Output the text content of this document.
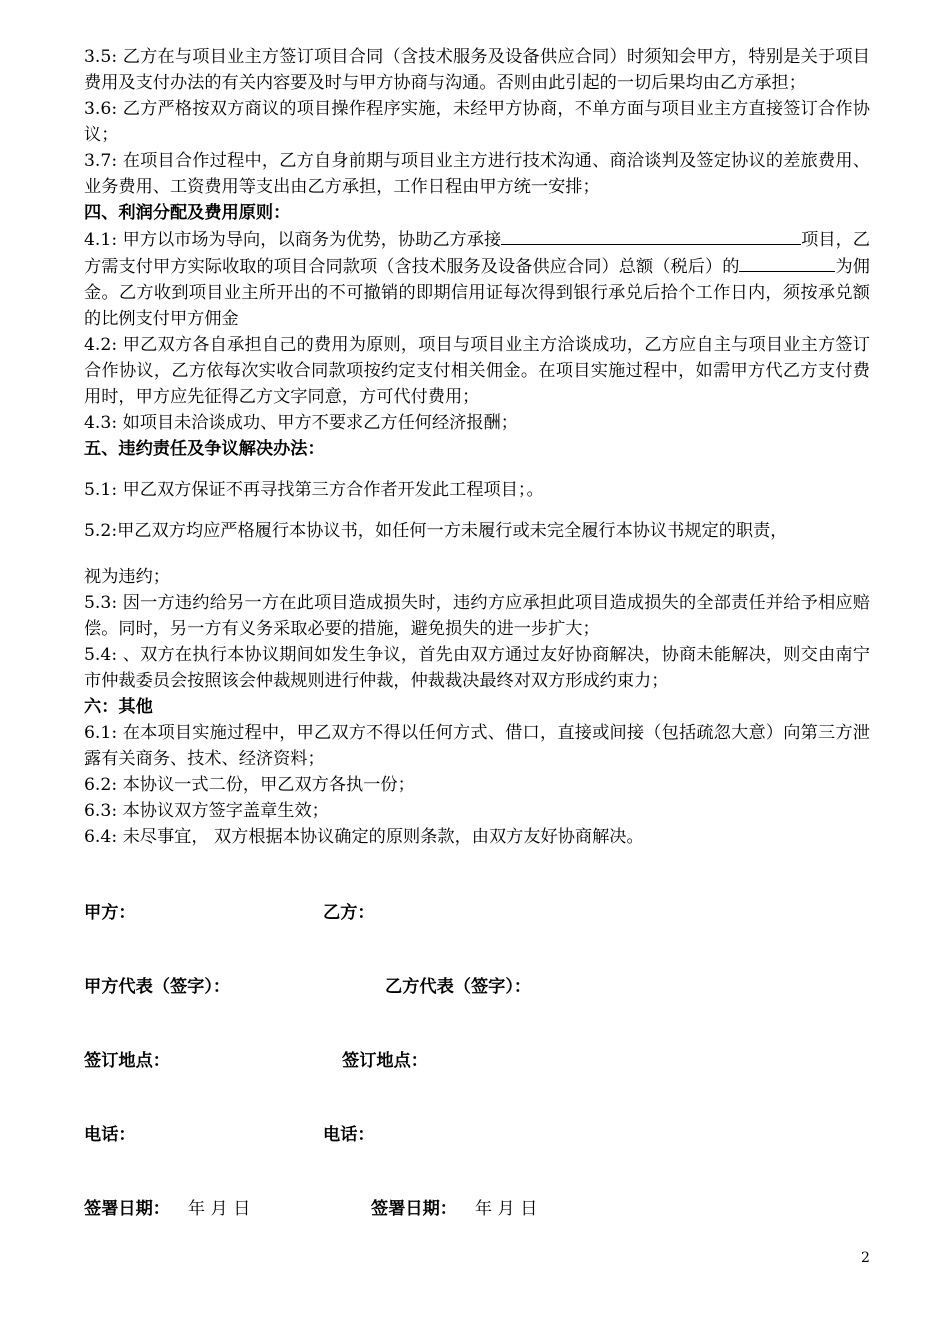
3.5: 乙方在与项目业主方签订项目合同（含技术服务及设备供应合同）时须知会甲方，特别是关于项目费用及支付办法的有关内容要及时与甲方协商与沟通。否则由此引起的一切后果均由乙方承担；

3.6: 乙方严格按双方商议的项目操作程序实施，未经甲方协商，不单方面与项目业主方直接签订合作协议；

3.7: 在项目合作过程中，乙方自身前期与项目业主方进行技术沟通、商洽谈判及签定协议的差旅费用、业务费用、工资费用等支出由乙方承担，工作日程由甲方统一安排；

四、利润分配及费用原则：

4.1: 甲方以市场为导向，以商务为优势，协助乙方承接	项目，乙方需支付甲方实际收取的项目合同款项（含技术服务及设备供应合同）总额（税后）的	为佣金。乙方收到项目业主所开出的不可撤销的即期信用证每次得到银行承兑后拾个工作日内，须按承兑额的比例支付甲方佣金

4.2: 甲乙双方各自承担自己的费用为原则，项目与项目业主方洽谈成功，乙方应自主与项目业主方签订合作协议，乙方依每次实收合同款项按约定支付相关佣金。在项目实施过程中，如需甲方代乙方支付费用时，甲方应先征得乙方文字同意，方可代付费用；

4.3: 如项目未洽谈成功、甲方不要求乙方任何经济报酬；

五、违约责任及争议解决办法：

5.1: 甲乙双方保证不再寻找第三方合作者开发此工程项目；。

5.2:甲乙双方均应严格履行本协议书，如任何一方未履行或未完全履行本协议书规定的职责，

视为违约；

5.3: 因一方违约给另一方在此项目造成损失时，违约方应承担此项目造成损失的全部责任并给予相应赔偿。同时，另一方有义务采取必要的措施，避免损失的进一步扩大；

5.4: 、双方在执行本协议期间如发生争议，首先由双方通过友好协商解决，协商未能解决，则交由南宁市仲裁委员会按照该会仲裁规则进行仲裁，仲裁裁决最终对双方形成约束力；

六：其他

6.1: 在本项目实施过程中，甲乙双方不得以任何方式、借口，直接或间接（包括疏忽大意）向第三方泄露有关商务、技术、经济资料；

6.2: 本协议一式二份，甲乙双方各执一份；

6.3: 本协议双方签字盖章生效；

6.4: 未尽事宜， 双方根据本协议确定的原则条款，由双方友好协商解决。

甲方：	乙方：
甲方代表（签字）：	乙方代表（签字）：
签订地点：	签订地点：
电话：	电话：
签署日期： 年 月 日	签署日期： 年 月 日
2
